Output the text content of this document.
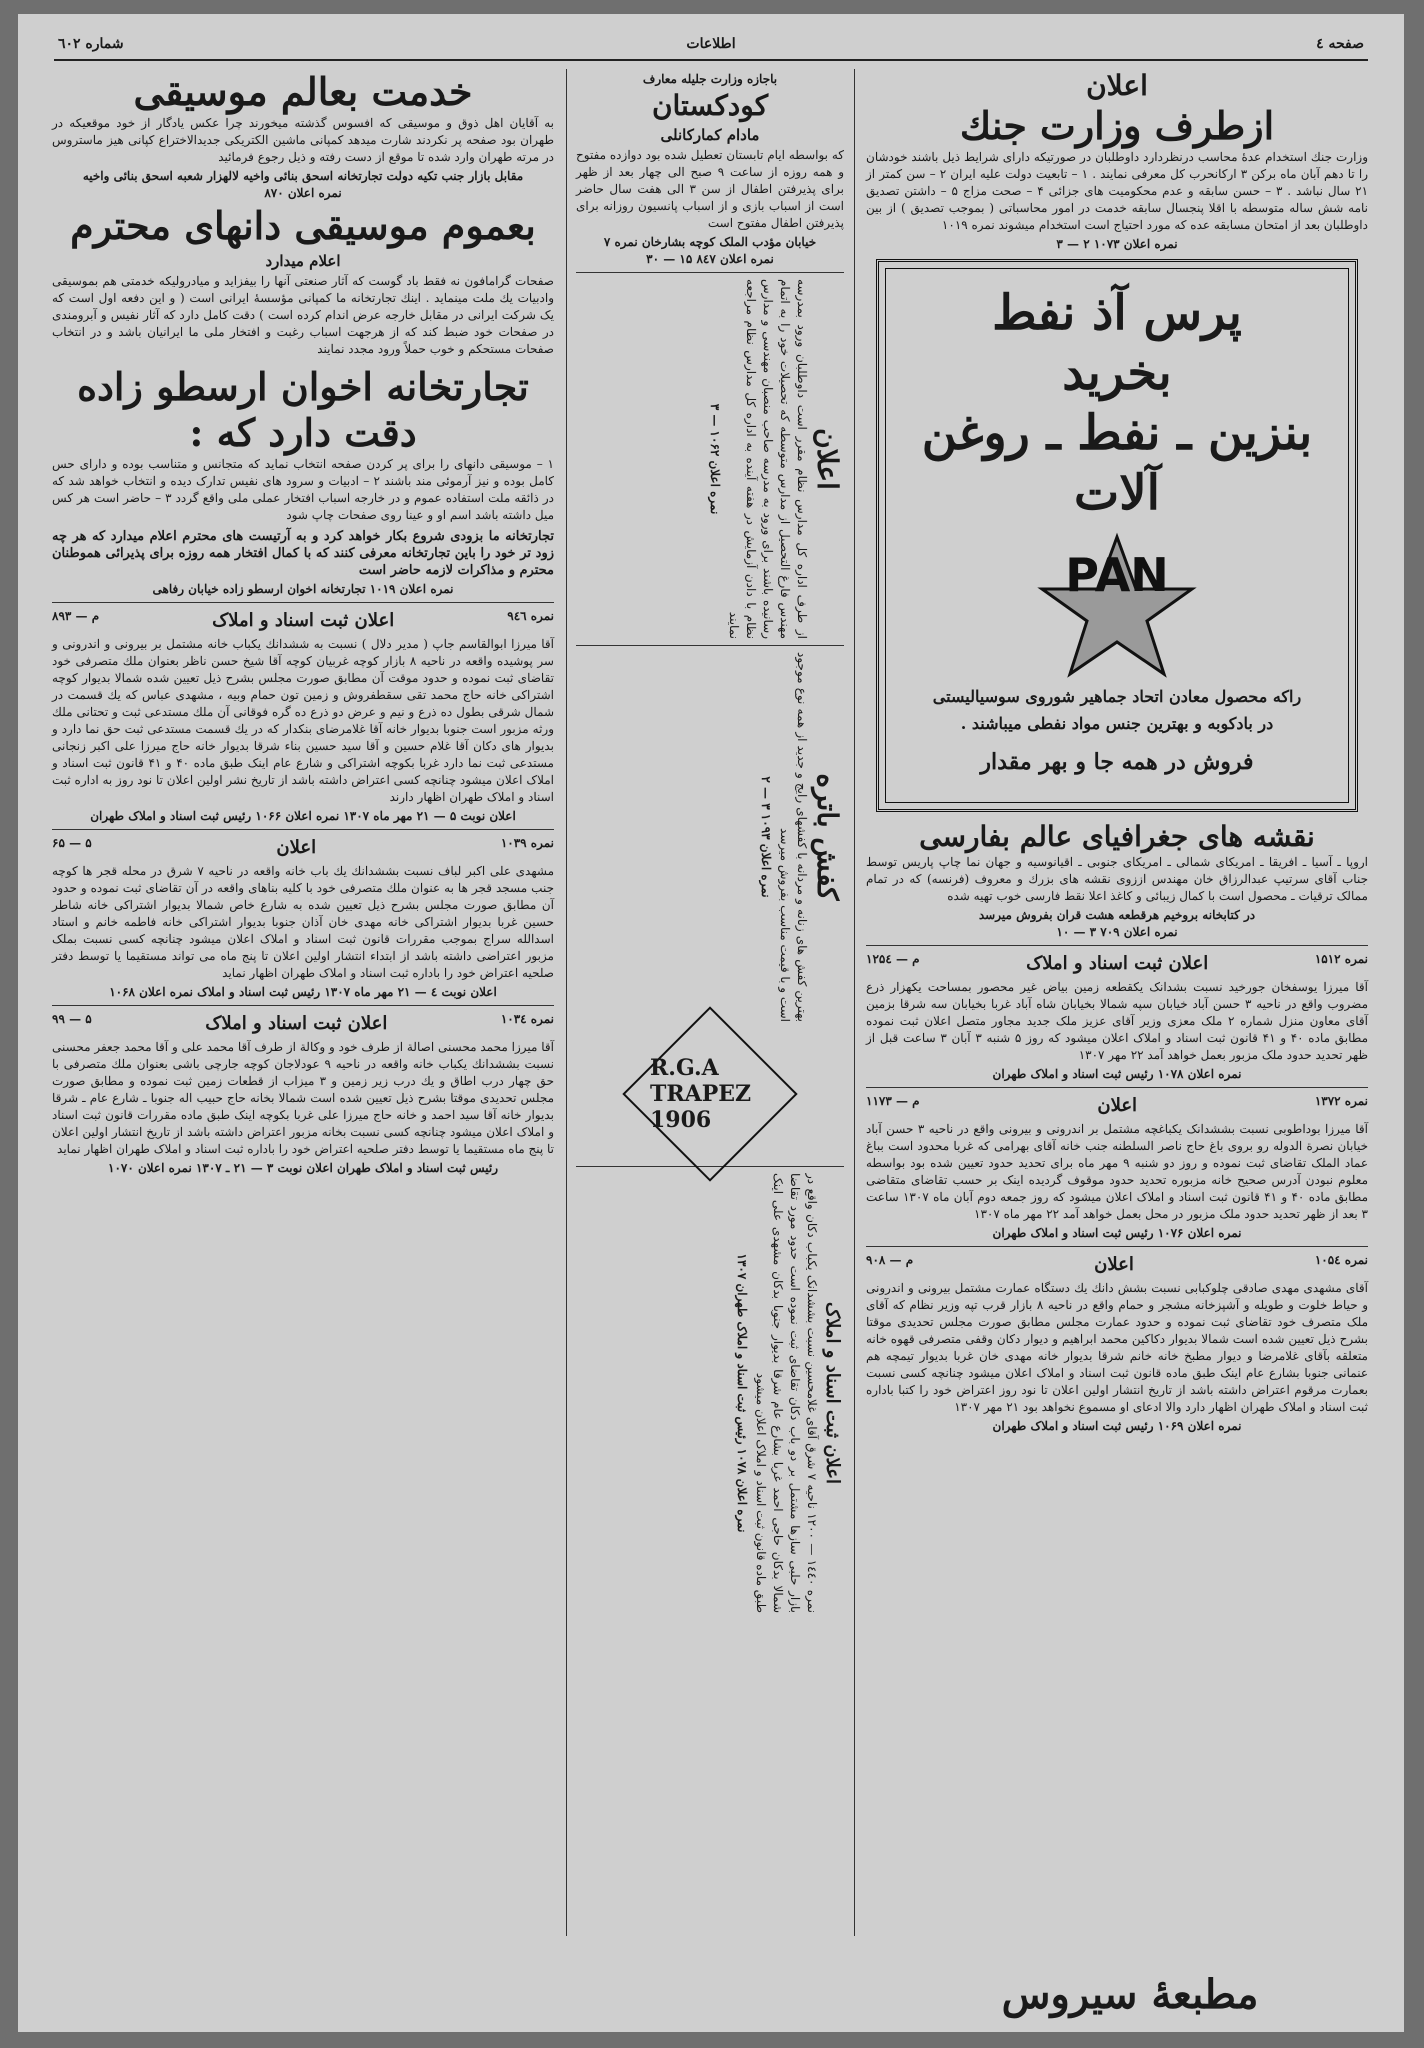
صفحه ٤
اطلاعات
شماره ٦٠٢
اعلان
ازطرف وزارت جنك

وزارت جنك استخدام عدهٔ محاسب درنظردارد داوطلبان در صورتیکه دارای شرایط ذیل باشند خودشان را تا دهم آبان ماه برکن ۳ ارکانحرب کل معرفی نمایند . ۱ – تابعیت دولت علیه ایران ۲ – سن کمتر از ۲۱ سال نباشد . ۳ – حسن سابقه و عدم محکومیت های جزائی ۴ – صحت مزاج ۵ – داشتن تصدیق نامه شش ساله متوسطه با اقلا پنجسال سابقه خدمت در امور محاسباتی ( بموجب تصدیق ) از بین داوطلبان بعد از امتحان مسابقه عده که مورد احتیاج است استخدام میشوند نمره ۱۰۱۹

نمره اعلان ۱۰۷۳ ۲ — ۳
پرس آذ نفط
بخرید
بنزین ـ نفط ـ روغن آلات
PAN
راکه محصول معادن اتحاد جماهیر شوروی سوسیالیستی
در بادکوبه و بهترین جنس مواد نفطی میباشند .
فروش در همه جا و بهر مقدار
نقشه های جغرافیای عالم بفارسی

اروپا ـ آسیا ـ افریقا ـ امریکای شمالی ـ امریکای جنوبی ـ اقیانوسیه و جهان نما چاپ پاریس توسط جناب آقای سرتیپ عبدالرزاق خان مهندس اززوی نقشه های بزرك و معروف (فرنسه) که در تمام ممالک ترقیات ـ محصول است با کمال زیبائی و کاغذ اعلا نقط فارسی خوب تهیه شده

در کتابخانه بروخیم هرقطعه هشت قران بفروش میرسد
نمره اعلان ۷۰۹ ۳ — ۱۰
نمره ۱۵۱۲
اعلان ثبت اسناد و املاک
م — ۱۲۵٤

آقا میرزا یوسفخان جورخید نسبت بشدانک یکقطعه زمین بیاض غیر محصور بمساحت یکهزار ذرع مضروب واقع در ناحیه ۳ حسن آباد خیابان سپه شمالا بخیابان شاه آباد غربا بخیابان سه شرقا بزمین آقای معاون منزل شماره ۲ ملک معزی وزیر آقای عزیز ملک جدید مجاور متصل اعلان ثبت نموده مطابق ماده ۴۰ و ۴۱ قانون ثبت اسناد و املاک اعلان میشود که روز ۵ شنبه ۳ آبان ۳ ساعت قبل از ظهر تحدید حدود ملک مزبور بعمل خواهد آمد ۲۲ مهر ۱۳۰۷

نمره اعلان ۱۰۷۸ رئیس ثبت اسناد و املاک طهران
نمره ۱۳۷۲
اعلان
م — ۱۱۷۳

آقا میرزا بوداطوبی نسبت بششدانک یکباغچه مشتمل بر اندرونی و بیرونی واقع در ناحیه ۳ حسن آباد خیابان نصرة الدوله رو بروی باغ حاج ناصر السلطنه جنب خانه آقای بهرامی که غربا محدود است بباغ عماد الملک تقاضای ثبت نموده و روز دو شنبه ۹ مهر ماه برای تحدید حدود تعیین شده بود بواسطه معلوم نبودن آدرس صحیح خانه مزبوره تحدید حدود موقوف گردیده اینک بر حسب تقاضای متقاضی مطابق ماده ۴۰ و ۴۱ قانون ثبت اسناد و املاک اعلان میشود که روز جمعه دوم آبان ماه ۱۳۰۷ ساعت ۳ بعد از ظهر تحدید حدود ملک مزبور در محل بعمل خواهد آمد ۲۲ مهر ماه ۱۳۰۷

نمره اعلان ۱۰۷۶ رئیس ثبت اسناد و املاک طهران
نمره ۱۰۵٤
اعلان
م — ۹۰۸

آقای مشهدی مهدی صادقی چلوکبابی نسبت بشش دانك یك دستگاه عمارت مشتمل بیرونی و اندرونی و حیاط خلوت و طویله و آشپزخانه مشجر و حمام واقع در ناحیه ۸ بازار قرب تپه وزیر نظام که آقای ملک متصرف خود تقاضای ثبت نموده و حدود عمارت مجلس مطابق صورت مجلس تحدیدی موقتا بشرح ذیل تعیین شده است شمالا بدیوار دکاکین محمد ابراهیم و دیوار دکان وقفی متصرفی قهوه خانه متعلقه بآقای غلامرضا و دیوار مطبخ خانه خانم شرقا بدیوار خانه مهدی خان غربا بدیوار تیمچه هم عنمانی جنوبا بشارع عام اینک طبق ماده قانون ثبت اسناد و املاک اعلان میشود چنانچه کسی نسبت بعمارت مرقوم اعتراض داشته باشد از تاریخ انتشار اولین اعلان تا نود روز اعتراض خود را کتبا باداره ثبت اسناد و املاک طهران اظهار دارد والا ادعای او مسموع نخواهد بود ۲۱ مهر ۱۳۰۷

نمره اعلان ۱۰۶۹ رئیس ثبت اسناد و املاک طهران
باجازه وزارت جلیله معارف
کودکستان
مادام کمارکانلی

که بواسطه ایام تابستان تعطیل شده بود دوازده مفتوح و همه روزه از ساعت ۹ صبح الی چهار بعد از ظهر برای پذیرفتن اطفال از سن ۳ الی هفت سال حاضر است از اسباب بازی و از اسباب پانسیون روزانه برای پذیرفتن اطفال مفتوح است

خیابان مؤدب الملک کوچه بشارخان نمره ۷
نمره اعلان ۸٤۷ ۱۵ — ۳۰
اعلان

از طرف اداره کل مدارس نظام مقرر است داوطلبان ورود بمدرسه مهندس فارغ التحصیل از مدارس متوسطه که تحصیلات خود را به اتمام رسانیده باشند برای ورود به مدرسه صاحب منصبان مهندسی و مدارس نظام با دادن آزمایش در هفته آینده به اداره کل مدارس نظام مراجعه نمایند

نمره اعلان ۱۰۶۲ — ۳
کفش باتره

بهترین کفش های زنانه و مردانه با کفشهای رایج و جدید از همه نوع موجود است و با قیمت مناسب بفروش میرسد

نمره اعلان ۱۰۹۳ ۳ — ۲
R.G.A TRAPEZ 1906
اعلان ثبت اسناد و املاک

نمره ۱٤٤۰ — ۱۲۰۰ ناحیه ۷ شرق آقای غلامحسین نسبت بششدانک یکباب دکان واقع در بازار حلبی سازها مشتمل بر دو باب دکان تقاضای ثبت نموده است حدود مورد تقاضا شمالا بدکان حاجی احمد غربا بشارع عام شرقا بدیوار جنوبا بدکان مشهدی علی اینک طبق ماده قانون ثبت اسناد و املاک اعلان میشود

نمره اعلان ۱۰۷۸ رئیس ثبت اسناد و املاک طهران ۱۳۰۷
خدمت بعالم موسیقی

به آقایان اهل ذوق و موسیقی که افسوس گذشته میخورند چرا عکس یادگار از خود موقعیکه در طهران بود صفحه پر نکردند شارت میدهد کمپانی ماشین الکتریکی جدیدالاختراع کپانی هیز ماستروس در مرته طهران وارد شده تا موقع از دست رفته و ذیل رجوع فرمائید

مقابل بازار جنب تکیه دولت تجارتخانه اسحق بنائی واخیه لالهزار شعبه اسحق بنائی واخیه
نمره اعلان ۸۷۰
بعموم موسیقی دانهای محترم
اعلام میدارد

صفحات گرامافون نه فقط باد گوست که آثار صنعتی آنها را بیفزاید و میادرولیکه خدمتی هم بموسیقی وادبیات یك ملت مینماید . اینك تجارتخانه ما کمپانی مؤسسهٔ ایرانی است ( و این دفعه اول است که یک شرکت ایرانی در مقابل خارجه عرض اندام کرده است ) دقت کامل دارد که آثار نفیس و آبرومندی در صفحات خود ضبط کند که از هرجهت اسباب رغبت و افتخار ملی ما ایرانیان باشد و در انتخاب صفحات مستحکم و خوب حملاً ورود مجدد نمایند

تجارتخانه اخوان ارسطو زاده دقت دارد که :

۱ – موسیقی دانهای را برای پر کردن صفحه انتخاب نماید که متجانس و متناسب بوده و دارای حس کامل بوده و نیز آرموئی مند باشند ۲ – ادبیات و سرود های نفیس تدارک دیده و انتخاب خواهد شد که در ذائقه ملت استفاده عموم و در خارجه اسباب افتخار عملی ملی واقع گردد ۳ – حاضر است هر کس میل داشته باشد اسم او و عینا روی صفحات چاپ شود

تجارتخانه ما بزودی شروع بکار خواهد کرد و به آرتیست های محترم اعلام میدارد که هر چه زود تر خود را باین تجارتخانه معرفی کنند که با کمال افتخار همه روزه برای پذیرائی هموطنان محترم و مذاکرات لازمه حاضر است

نمره اعلان ۱۰۱۹ تجارتخانه اخوان ارسطو زاده خیابان رفاهی
نمره ۹٤٦
اعلان ثبت اسناد و املاک
م — ۸۹۳

آقا میرزا ابوالقاسم جاپ ( مدیر دلال ) نسبت به ششدانك یکباب خانه مشتمل بر بیرونی و اندرونی و سر پوشیده واقعه در ناحیه ۸ بازار کوچه غربیان کوچه آقا شیخ حسن ناظر بعنوان ملك متصرفی خود تقاضای ثبت نموده و حدود موقت آن مطابق صورت مجلس بشرح ذیل تعیین شده شمالا بدیوار کوچه اشتراکی خانه حاج محمد تقی سقطفروش و زمین تون حمام وبیه ، مشهدی عباس که یك قسمت در شمال شرقی بطول ده ذرع و نیم و عرض دو ذرع ده گره فوقانی آن ملك مستدعی ثبت و تحتانی ملك ورثه مزبور است جنوبا بدیوار خانه آقا غلامرضای بنکدار که در یك قسمت مستدعی ثبت حق نما دارد و بدیوار های دکان آقا غلام حسین و آقا سید حسین بناء شرقا بدیوار خانه حاج میرزا علی اکبر زنجانی مستدعی ثبت نما دارد غربا بکوچه اشتراکی و شارع عام اینک طبق ماده ۴۰ و ۴۱ قانون ثبت اسناد و املاک اعلان میشود چنانچه کسی اعتراض داشته باشد از تاریخ نشر اولین اعلان تا نود روز به اداره ثبت اسناد و املاک طهران اظهار دارند

اعلان نوبت ۵ — ۲۱ مهر ماه ۱۳۰۷ نمره اعلان ۱۰۶۶ رئیس ثبت اسناد و املاک طهران
نمره ۱۰۳۹
اعلان
۵ — ۶۵

مشهدی علی اکبر لباف نسبت بششدانك يك باب خانه واقعه در ناحیه ۷ شرق در محله قجر ها کوچه جنب مسجد قجر ها به عنوان ملك متصرفی خود با کلیه بناهای واقعه در آن تقاضای ثبت نموده و حدود آن مطابق صورت مجلس بشرح ذیل تعیین شده به شارع خاص شمالا بدیوار اشتراکی خانه شاطر حسین غربا بدیوار اشتراکی خانه مهدی خان آذان جنوبا بدیوار اشتراکی خانه فاطمه خانم و استاد اسدالله سراج بموجب مقررات قانون ثبت اسناد و املاک اعلان میشود چنانچه کسی نسبت بملک مزبور اعتراضی داشته باشد از ابتداء انتشار اولین اعلان تا پنج ماه می تواند مستقیما یا توسط دفتر صلحیه اعتراض خود را باداره ثبت اسناد و املاک طهران اظهار نماید

اعلان نوبت ٤ — ۲۱ مهر ماه ۱۳۰۷ رئیس ثبت اسناد و املاک نمره اعلان ۱۰۶۸
نمره ۱۰۳٤
اعلان ثبت اسناد و املاک
۵ — ۹۹

آقا میرزا محمد محسنی اصالة از طرف خود و وکالة از طرف آقا محمد علی و آقا محمد جعفر محسنی نسبت بششدانك یکباب خانه واقعه در ناحیه ۹ عودلاجان کوچه جارچی باشی بعنوان ملك متصرفی با حق چهار درب اطاق و یك درب زیر زمین و ۳ میزاب از قطعات زمین ثبت نموده و مطابق صورت مجلس تحدیدی موقتا بشرح ذیل تعیین شده است شمالا بخانه حاج حبیب اله جنوبا ـ شارع عام ـ شرقا بدیوار خانه آقا سید احمد و خانه حاج میرزا علی غربا بکوچه اینک طبق ماده مقررات قانون ثبت اسناد و املاک اعلان میشود چنانچه کسی نسبت بخانه مزبور اعتراض داشته باشد از تاریخ انتشار اولین اعلان تا پنج ماه مستقیما یا توسط دفتر صلحیه اعتراض خود را باداره ثبت اسناد و املاک طهران اظهار نماید

رئیس ثبت اسناد و املاک طهران اعلان نوبت ۳ — ۲۱ ـ ۱۳۰۷ نمره اعلان ۱۰۷۰
مطبعهٔ سیروس
